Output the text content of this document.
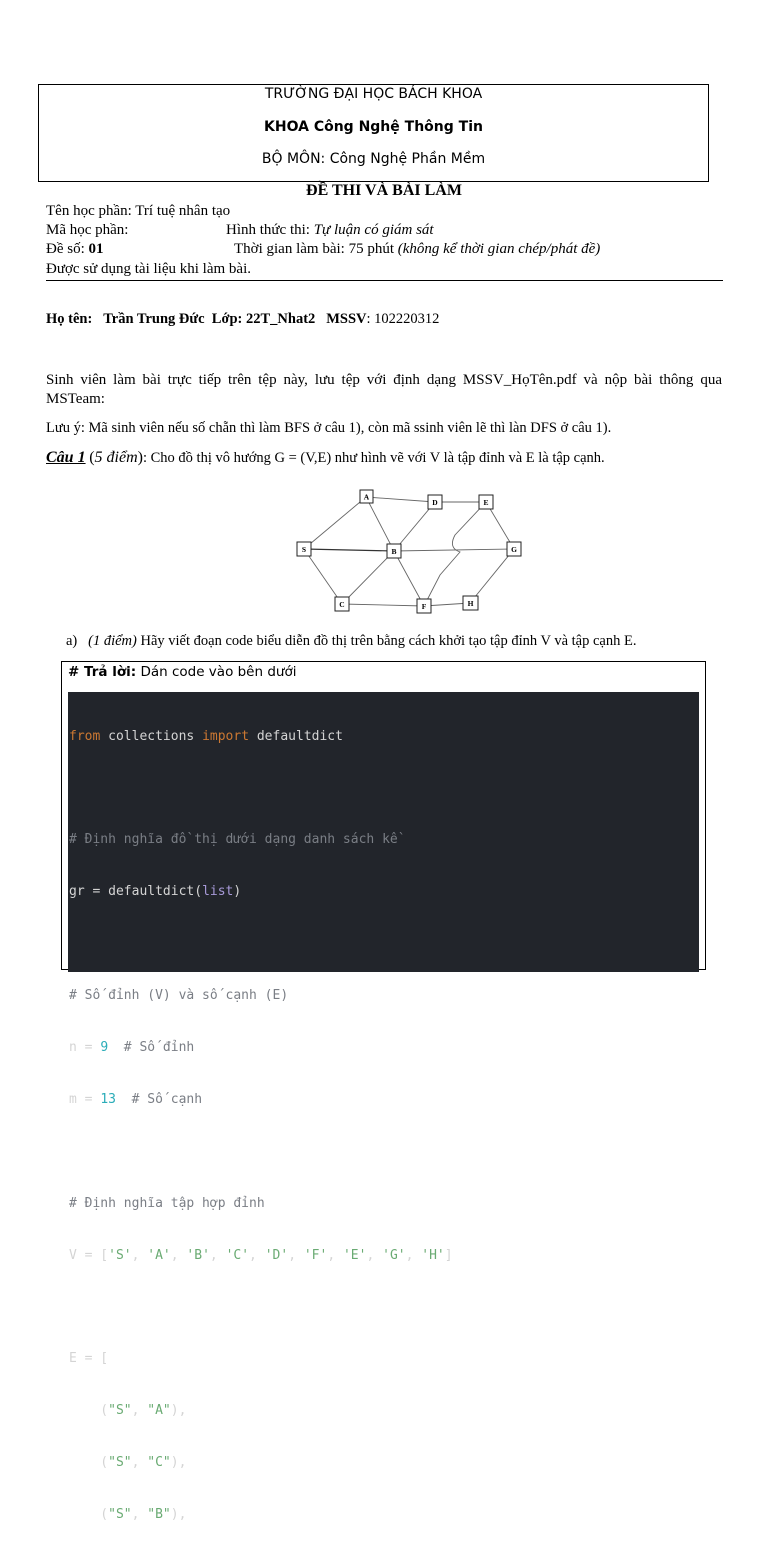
TRƯỜNG ĐẠI HỌC BÁCH KHOA
KHOA Công Nghệ Thông Tin
BỘ MÔN: Công Nghệ Phần Mềm
ĐỀ THI VÀ BÀI LÀM
Tên học phần: Trí tuệ nhân tạo
Mã học phần:	Hình thức thi: Tự luận có giám sát
Đề số: 01	Thời gian làm bài: 75 phút (không kể thời gian chép/phát đề)
Được sử dụng tài liệu khi làm bài.
Họ tên: Trần Trung Đức Lớp: 22T_Nhat2 MSSV: 102220312
Sinh viên làm bài trực tiếp trên tệp này, lưu tệp với định dạng MSSV_HọTên.pdf và nộp bài thông qua MSTeam:
Lưu ý: Mã sinh viên nếu số chẵn thì làm BFS ở câu 1), còn mã ssinh viên lẽ thì làn DFS ở câu 1).
Câu 1 (5 điểm): Cho đồ thị vô hướng G = (V,E) như hình vẽ với V là tập đỉnh và E là tập cạnh.
A
D	E
S	B	G
C	F	H
a) (1 điểm) Hãy viết đoạn code biểu diễn đồ thị trên bằng cách khởi tạo tập đỉnh V và tập cạnh E.
# Trả lời: Dán code vào bên dưới

from collections import defaultdict

# Định nghĩa đồ thị dưới dạng danh sách kề

gr = defaultdict(list)

# Số đỉnh (V) và số cạnh (E)

n = 9  # Số đỉnh

m = 13  # Số cạnh

# Định nghĩa tập hợp đỉnh

V = ['S', 'A', 'B', 'C', 'D', 'F', 'E', 'G', 'H']

E = [

("S", "A"),

("S", "C"),

("S", "B"),
